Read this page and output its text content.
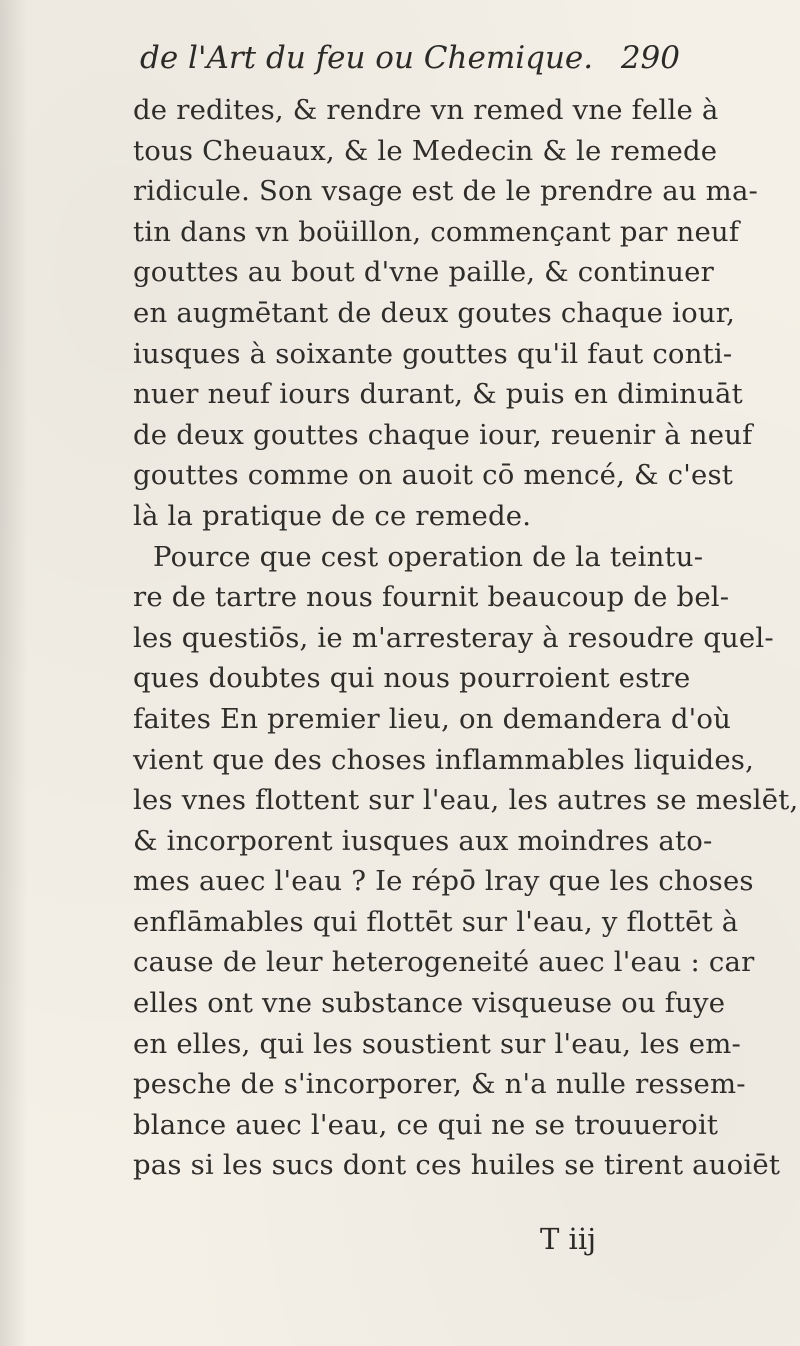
de l'Art du feu ou Chemique. 290
de redites, & rendre vn remed vne felle à
tous Cheuaux, & le Medecin & le remede
ridicule. Son vsage est de le prendre au ma-
tin dans vn boüillon, commençant par neuf
gouttes au bout d'vne paille, & continuer
en augmētant de deux goutes chaque iour,
iusques à soixante gouttes qu'il faut conti-
nuer neuf iours durant, & puis en diminuāt
de deux gouttes chaque iour, reuenir à neuf
gouttes comme on auoit cō mencé, & c'est
là la pratique de ce remede.
Pource que cest operation de la teintu-
re de tartre nous fournit beaucoup de bel-
les questiōs, ie m'arresteray à resoudre quel-
ques doubtes qui nous pourroient estre
faites En premier lieu, on demandera d'où
vient que des choses inflammables liquides,
les vnes flottent sur l'eau, les autres se meslēt,
& incorporent iusques aux moindres ato-
mes auec l'eau ? Ie répō lray que les choses
enflāmables qui flottēt sur l'eau, y flottēt à
cause de leur heterogeneité auec l'eau : car
elles ont vne substance visqueuse ou fuye
en elles, qui les soustient sur l'eau, les em-
pesche de s'incorporer, & n'a nulle ressem-
blance auec l'eau, ce qui ne se trouueroit
pas si les sucs dont ces huiles se tirent auoiēt
T iij
